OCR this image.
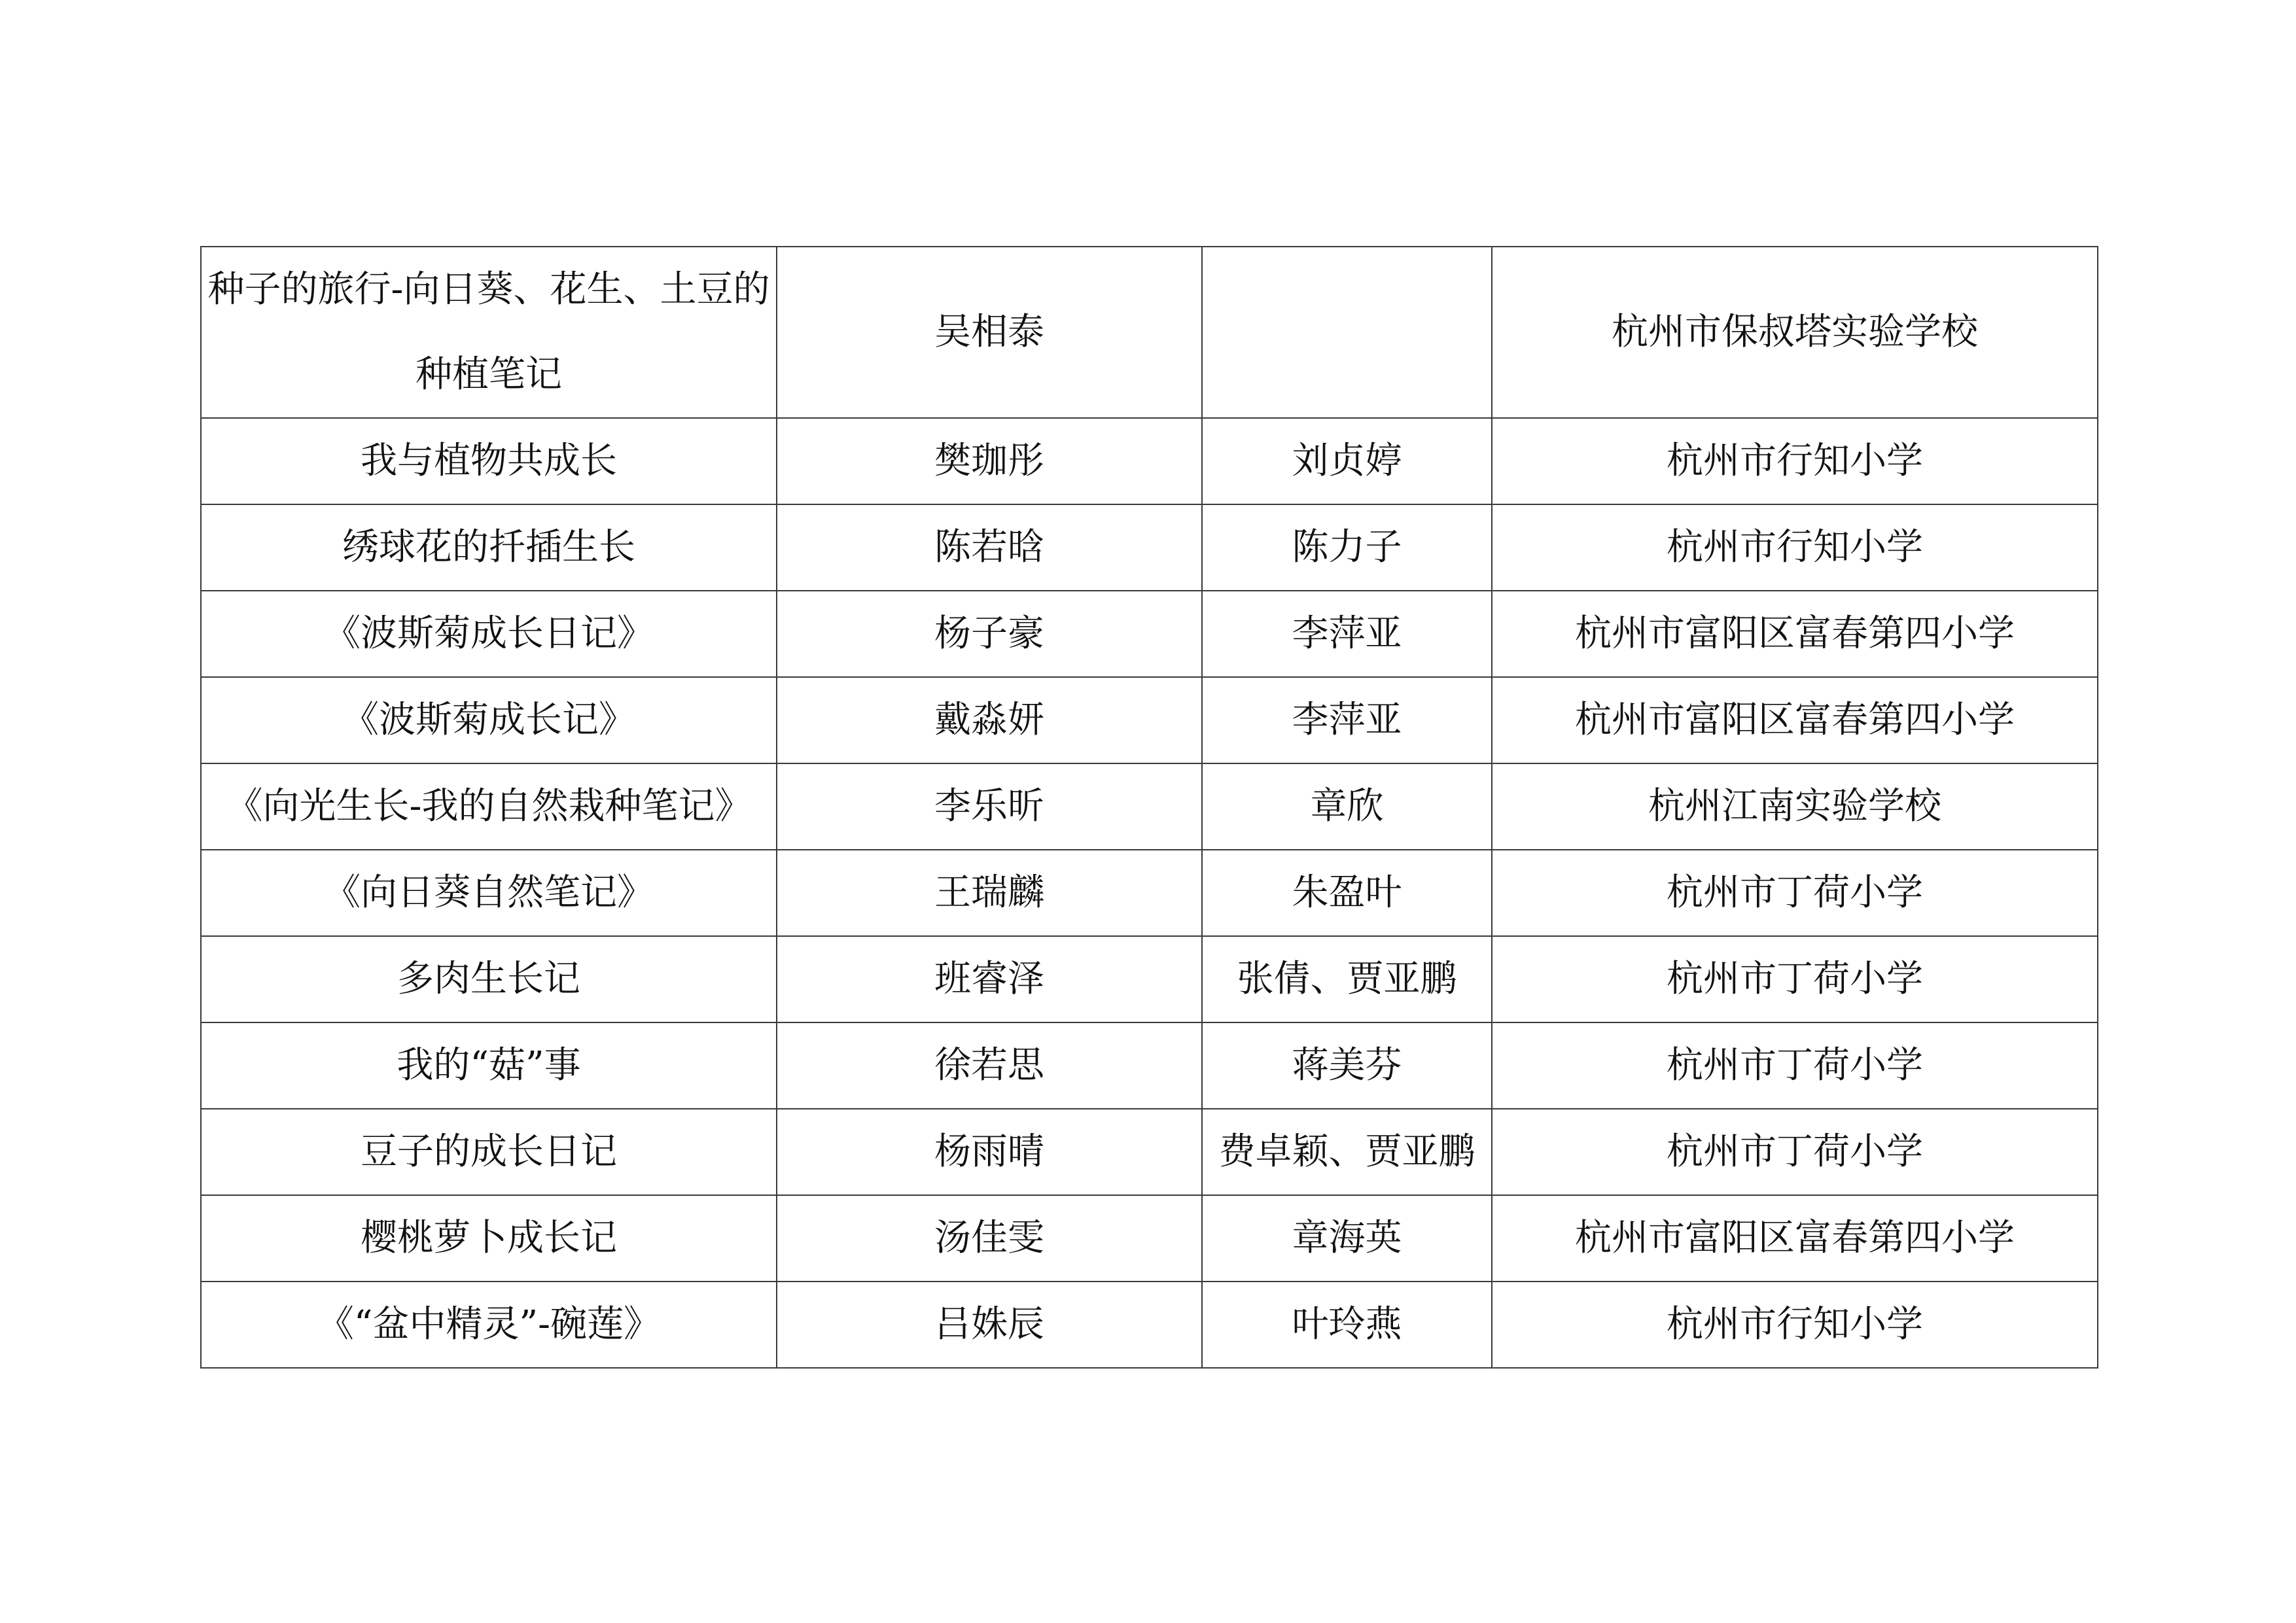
种子的旅行-向日葵、花生、土豆的种植笔记	吴相泰		杭州市保叔塔实验学校
我与植物共成长	樊珈彤	刘贞婷	杭州市行知小学
绣球花的扦插生长	陈若晗	陈力子	杭州市行知小学
《波斯菊成长日记》	杨子豪	李萍亚	杭州市富阳区富春第四小学
《波斯菊成长记》	戴淼妍	李萍亚	杭州市富阳区富春第四小学
《向光生长-我的自然栽种笔记》	李乐昕	章欣	杭州江南实验学校
《向日葵自然笔记》	王瑞麟	朱盈叶	杭州市丁荷小学
多肉生长记	班睿泽	张倩、贾亚鹏	杭州市丁荷小学
我的“菇”事	徐若思	蒋美芬	杭州市丁荷小学
豆子的成长日记	杨雨晴	费卓颖、贾亚鹏	杭州市丁荷小学
樱桃萝卜成长记	汤佳雯	章海英	杭州市富阳区富春第四小学
《“盆中精灵”-碗莲》	吕姝辰	叶玲燕	杭州市行知小学
